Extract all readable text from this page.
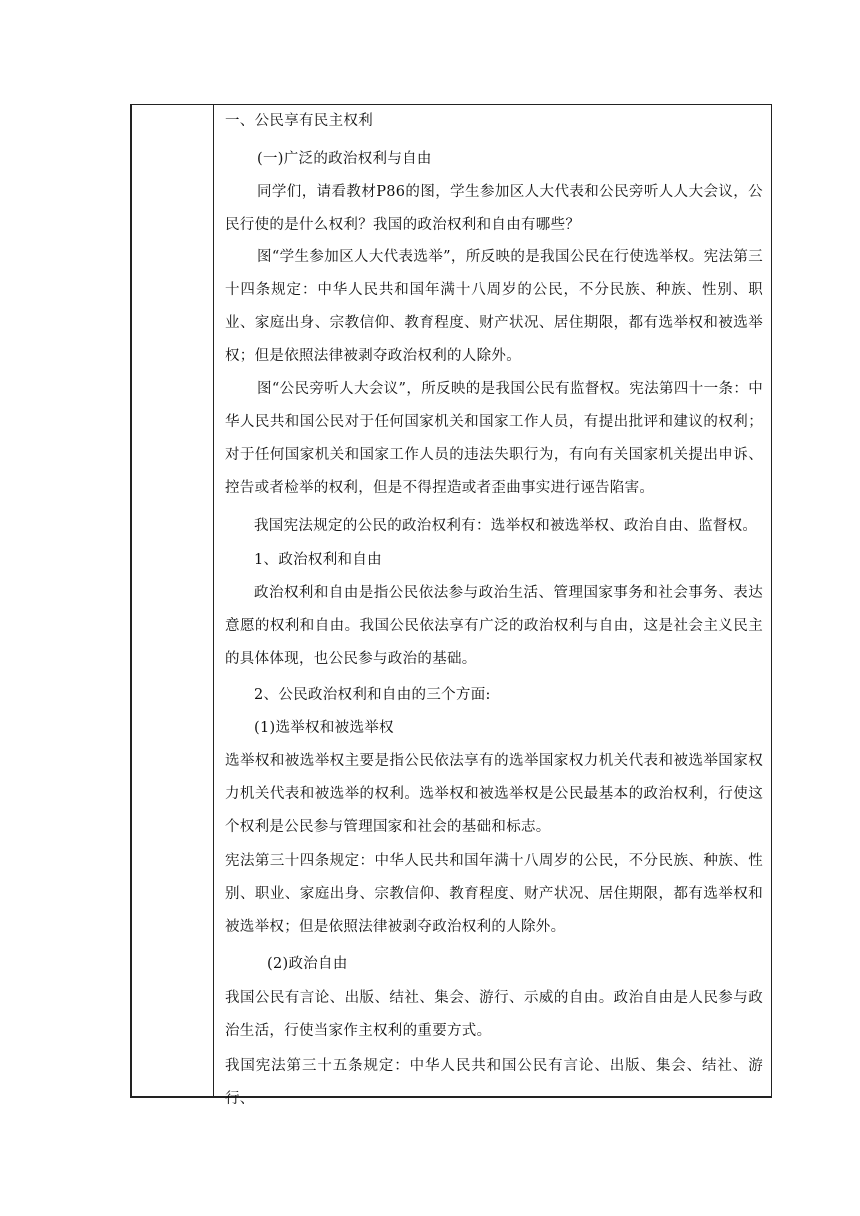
一、公民享有民主权利

(一)广泛的政治权利与自由

同学们，请看教材P86的图，学生参加区人大代表和公民旁听人人大会议，公民行使的是什么权利？我国的政治权利和自由有哪些？

图“学生参加区人大代表选举”，所反映的是我国公民在行使选举权。宪法第三十四条规定：中华人民共和国年满十八周岁的公民，不分民族、种族、性别、职业、家庭出身、宗教信仰、教育程度、财产状况、居住期限，都有选举权和被选举权；但是依照法律被剥夺政治权利的人除外。

图“公民旁听人大会议”，所反映的是我国公民有监督权。宪法第四十一条：中华人民共和国公民对于任何国家机关和国家工作人员，有提出批评和建议的权利；对于任何国家机关和国家工作人员的违法失职行为，有向有关国家机关提出申诉、控告或者检举的权利，但是不得捏造或者歪曲事实进行诬告陷害。

我国宪法规定的公民的政治权利有：选举权和被选举权、政治自由、监督权。

1、政治权利和自由

政治权利和自由是指公民依法参与政治生活、管理国家事务和社会事务、表达意愿的权利和自由。我国公民依法享有广泛的政治权利与自由，这是社会主义民主的具体体现，也公民参与政治的基础。

2、公民政治权利和自由的三个方面:

(1)选举权和被选举权

选举权和被选举权主要是指公民依法享有的选举国家权力机关代表和被选举国家权力机关代表和被选举的权利。选举权和被选举权是公民最基本的政治权利，行使这个权利是公民参与管理国家和社会的基础和标志。

宪法第三十四条规定：中华人民共和国年满十八周岁的公民，不分民族、种族、性别、职业、家庭出身、宗教信仰、教育程度、财产状况、居住期限，都有选举权和被选举权；但是依照法律被剥夺政治权利的人除外。

(2)政治自由

我国公民有言论、出版、结社、集会、游行、示威的自由。政治自由是人民参与政治生活，行使当家作主权利的重要方式。

我国宪法第三十五条规定：中华人民共和国公民有言论、出版、集会、结社、游行、
